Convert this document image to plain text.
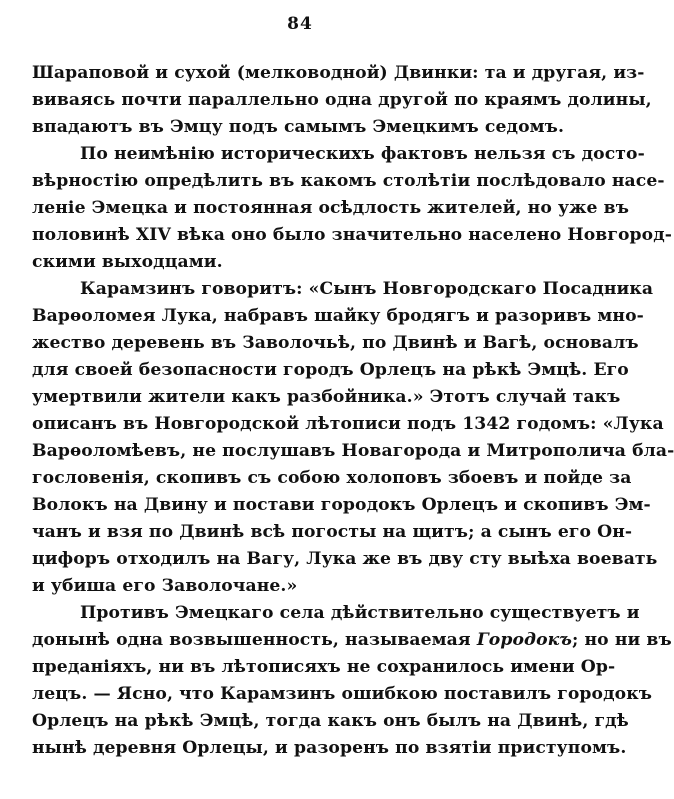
84
Шараповой и сухой (мелководной) Двинки: та и другая, из-
виваясь почти параллельно одна другой по краямъ долины,
впадаютъ въ Эмцу подъ самымъ Эмецкимъ седомъ.
По неимѣнію историческихъ фактовъ нельзя съ досто-
вѣрностію опредѣлить въ какомъ столѣтіи послѣдовало насе-
леніе Эмецка и постоянная осѣдлость жителей, но уже въ
половинѣ XIV вѣка оно было значительно населено Новгород-
скими выходцами.
Карамзинъ говоритъ: «Сынъ Новгородскаго Посадника
Варѳоломея Лука, набравъ шайку бродягъ и разоривъ мно-
жество деревень въ Заволочьѣ, по Двинѣ и Вагѣ, основалъ
для своей безопасности городъ Орлецъ на рѣкѣ Эмцѣ. Его
умертвили жители какъ разбойника.» Этотъ случай такъ
описанъ въ Новгородской лѣтописи подъ 1342 годомъ: «Лука
Варѳоломѣевъ, не послушавъ Новагорода и Митрополича бла-
гословенія, скопивъ съ собою холоповъ збоевъ и пойде за
Волокъ на Двину и постави городокъ Орлецъ и скопивъ Эм-
чанъ и взя по Двинѣ всѣ погосты на щитъ; а сынъ его Он-
цифоръ отходилъ на Вагу, Лука же въ дву сту выѣха воевать
и убиша его Заволочане.»
Противъ Эмецкаго села дѣйствительно существуетъ и
донынѣ одна возвышенность, называемая Городокъ; но ни въ
преданіяхъ, ни въ лѣтописяхъ не сохранилось имени Ор-
лецъ. — Ясно, что Карамзинъ ошибкою поставилъ городокъ
Орлецъ на рѣкѣ Эмцѣ, тогда какъ онъ былъ на Двинѣ, гдѣ
нынѣ деревня Орлецы, и разоренъ по взятіи приступомъ.
